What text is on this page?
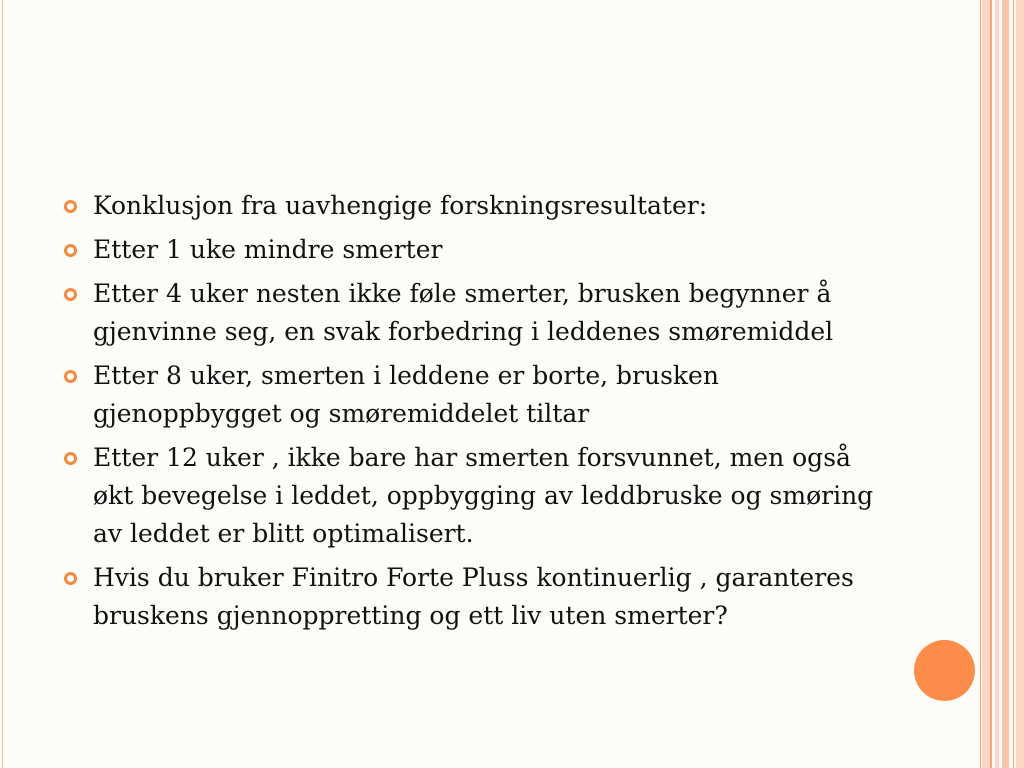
Konklusjon fra uavhengige forskningsresultater:
Etter 1 uke mindre smerter
Etter 4 uker nesten ikke føle smerter, brusken begynner å gjenvinne seg, en svak forbedring i leddenes smøremiddel
Etter 8 uker, smerten i leddene er borte, brusken gjenoppbygget og smøremiddelet tiltar
Etter 12 uker , ikke bare har smerten forsvunnet, men også økt bevegelse i leddet, oppbygging av leddbruske og smøring av leddet er blitt optimalisert.
Hvis du bruker Finitro Forte Pluss kontinuerlig , garanteres bruskens gjennoppretting og ett liv uten smerter?
